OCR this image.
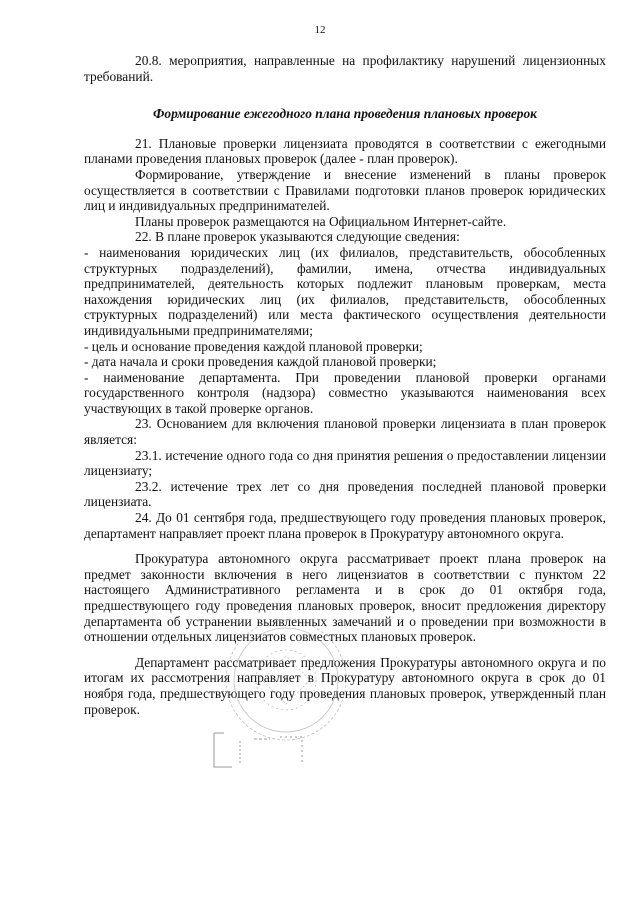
12

20.8. мероприятия, направленные на профилактику нарушений лицензионных требований.

Формирование ежегодного плана проведения плановых проверок

21. Плановые проверки лицензиата проводятся в соответствии с ежегодными планами проведения плановых проверок (далее - план проверок).

Формирование, утверждение и внесение изменений в планы проверок осуществляется в соответствии с Правилами подготовки планов проверок юридических лиц и индивидуальных предпринимателей.

Планы проверок размещаются на Официальном Интернет-сайте.

22. В плане проверок указываются следующие сведения:

- наименования юридических лиц (их филиалов, представительств, обособленных структурных подразделений), фамилии, имена, отчества индивидуальных предпринимателей, деятельность которых подлежит плановым проверкам, места нахождения юридических лиц (их филиалов, представительств, обособленных структурных подразделений) или места фактического осуществления деятельности индивидуальными предпринимателями;

- цель и основание проведения каждой плановой проверки;

- дата начала и сроки проведения каждой плановой проверки;

- наименование департамента. При проведении плановой проверки органами государственного контроля (надзора) совместно указываются наименования всех участвующих в такой проверке органов.

23. Основанием для включения плановой проверки лицензиата в план проверок является:

23.1. истечение одного года со дня принятия решения о предоставлении лицензии лицензиату;

23.2. истечение трех лет со дня проведения последней плановой проверки лицензиата.

24. До 01 сентября года, предшествующего году проведения плановых проверок, департамент направляет проект плана проверок в Прокуратуру автономного округа.

Прокуратура автономного округа рассматривает проект плана проверок на предмет законности включения в него лицензиатов в соответствии с пунктом 22 настоящего Административного регламента и в срок до 01 октября года, предшествующего году проведения плановых проверок, вносит предложения директору департамента об устранении выявленных замечаний и о проведении при возможности в отношении отдельных лицензиатов совместных плановых проверок.

Департамент рассматривает предложения Прокуратуры автономного округа и по итогам их рассмотрения направляет в Прокуратуру автономного округа в срок до 01 ноября года, предшествующего году проведения плановых проверок, утвержденный план проверок.
